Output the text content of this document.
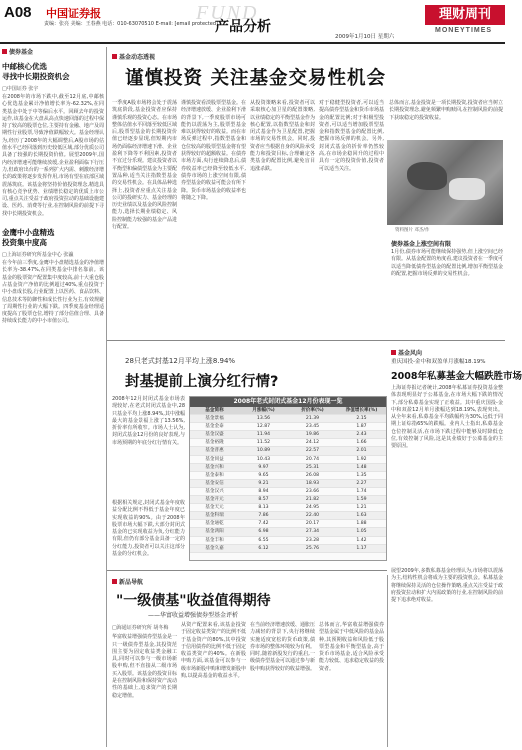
A08 中国证券报
责编：张亮 美编：王春燕 电话：010-63070510 E-mail: [email protected]
FUND
产品分析
2009年1月10日 星期六
理财周刊
MONEYTIMES
债券基金
中邮核心优选
寻找中长期投资机会
□中国证券 张宇
在2008年的市场下跌中,截至12月底,中邮核心优选基金累计净值增长率为-62.32%,在同类基金中处于中等偏后水平。回顾去年的投资运作,该基金在大盘从高点快速回落的过程中保持了较高的股票仓位,主要持有金融、地产及周期性行业股票,导致净值跌幅较大。基金经理认为,经历了2008年的大幅调整后,A股市场的估值水平已经回落到历史较低区域,部分优质公司具备了较强的长期投资价值。展望2009年,国内经济增速可能继续放缓,企业盈利面临下行压力,但政府出台的一系列扩大内需、刺激经济增长的政策将逐步发挥作用,市场有望在底部区域震荡筑底。该基金将坚持价值投资理念,精选具有核心竞争优势、业绩增长稳定的优质上市公司,重点关注受益于政府投资拉动的基础设施建设、医药、消费等行业,在控制风险的前提下寻找中长期投资机会。
金鹰中小盘精选
投资集中度高
□上海证券研究所基金中心 张瀛
在今年前三季度,金鹰中小盘精选基金的净值增长率为-38.47%,在同类基金中排名靠前。该基金的股票资产配置集中度较高,前十大重仓股占基金资产净值的比例超过40%,重点投资于中小盘成长股,行业配置上以医药、食品饮料、信息技术等防御性和成长性行业为主,有效规避了周期性行业的大幅下跌。四季度基金经理适度提高了股票仓位,增持了部分估值合理、具备持续成长能力的中小市值公司。
基金动态透视
谨慎投资 关注基金交易性机会
一季度A股市场将会处于震荡筑底阶段,基金投资者应保持谨慎乐观的投资心态。在市场整体估值水平回落至较低区域后,股票型基金的长期投资价值已经逐步显现,但短期内市场仍面临经济增速下滑、企业盈利下降等不利因素,投资者不宜过分乐观。建议投资者以平衡型和偏债型基金为主要配置品种,适当关注指数型基金的交易性机会。在具体品种选择上,投资者应重点关注基金公司的投研实力、基金经理的历史业绩以及基金的风险控制能力,选择长期业绩稳定、风险控制能力较强的基金产品进行配置。
谨慎投资看淡股票型基金。在经济增速放缓、企业盈利下滑的背景下,一季度股票市场可能仍以震荡为主,股票型基金难以获得较好的收益。而在市场反弹过程中,指数型基金和仓位较高的股票型基金将有望获得较好的超额收益。在债券市场方面,央行连续降息后,债券收益率已经降至较低水平,债券市场的上涨空间有限,债券型基金的收益可能会有所下降。货币市场基金的收益率也将随之下降。
从投资策略来看,投资者可以采取核心加卫星的配置策略,以业绩稳定的平衡型基金作为核心配置,以指数型基金和封闭式基金作为卫星配置,把握市场的交易性机会。同时,投资者应当根据自身的风险承受能力和投资目标,合理确定各类基金的配置比例,避免盲目追涨杀跌。
对于稳健型投资者,可以适当提高债券型基金和货币市场基金的配置比例;对于积极型投资者,可以适当增加股票型基金和指数型基金的配置比例,把握市场反弹的机会。另外,封闭式基金的折价率仍然较高,在市场企稳回升的过程中具有一定的投资价值,投资者可以适当关注。
总体而言,基金投资是一项长期投资,投资者应当树立长期投资理念,避免频繁申购赎回,在控制风险的前提下获取稳定的投资收益。
资料图片 邓杰/作
债券基金上涨空间有限
1月份,债券市场可能继续保持强势,但上涨空间已经有限。从基金配置的角度看,建议投资者在一季度可以适当降低债券型基金的配置比例,增加平衡型基金的配置,把握市场反弹的交易性机会。
28只老式封基12月平均上涨8.94%
封基提前上演分红行情?
基金风向
重庆国投-金中和双盈单月涨幅18.19%
2008年私募基金大幅跌胜市场
2008年12月封闭式基金市场表现较好,在老式封闭式基金中,28只基金平均上涨8.94%,其中涨幅最大的基金景福上涨了13.56%,折价率有所收窄。市场人士认为,封闭式基金12月份的良好表现,与市场预期的年底分红行情有关。
根据相关规定,封闭式基金年度收益分配比例不得低于基金年度已实现收益的90%。由于2008年股票市场大幅下跌,大部分封闭式基金的已实现收益为负,分红能力有限,但仍有部分基金具备一定的分红能力,投资者可以关注这部分基金的分红机会。
2008年老式封闭式基金12月份表现一览
基金简称	月涨幅(%)	折价率(%)	净值增长率(%)
基金景福	13.56	21.39	2.15
基金金泰	12.87	23.45	1.87
基金汉盛	11.94	19.86	2.43
基金裕隆	11.52	24.12	1.66
基金普惠	10.89	22.57	2.01
基金同益	10.43	20.74	1.92
基金兴和	9.97	25.31	1.48
基金泰和	9.65	26.08	1.35
基金安信	9.21	18.93	2.27
基金汉兴	8.94	23.66	1.74
基金开元	8.57	21.82	1.59
基金天元	8.13	24.95	1.21
基金科瑞	7.86	22.40	1.63
基金通乾	7.42	20.17	1.88
基金鸿阳	6.98	27.34	1.05
基金丰和	6.55	23.28	1.42
基金久嘉	6.12	25.76	1.17
上海证券报记者统计,2008年私募证券投资基金整体表现明显好于公募基金,在市场大幅下跌的情况下,部分私募基金实现了正收益。其中重庆国投-金中和双盈12月单月涨幅达到18.19%,表现突出。从全年来看,私募基金平均跌幅约为30%,远低于同期上证综指65%的跌幅。业内人士指出,私募基金仓位控制灵活,在市场下跌过程中能够及时降低仓位,有效控制了风险,这是其业绩好于公募基金的主要原因。
新品导航
"一级债基"收益值得期待
——华富收益增强债券型基金评析
□海通证券研究所 胡冬梅
华富收益增强债券型基金是一只一级债券型基金,其投资范围主要为固定收益类金融工具,同时可以参与一级市场新股申购,但不直接从二级市场买入股票。该基金的投资目标是在控制风险和保持资产流动性的基础上,追求资产的长期稳定增值。
从资产配置来看,该基金投资于固定收益类资产的比例不低于基金资产的80%,其中投资于信用债券的比例不低于固定收益类资产的40%。在新股申购方面,该基金可以参与一级市场新股申购和增发新股申购,以提高基金的收益水平。
在当前经济增速放缓、通胀压力减轻的背景下,央行将继续实施适度宽松的货币政策,债券市场的整体环境较为有利。同时,随着新股发行的重启,一级债券型基金可以通过参与新股申购获得较好的收益增强。
总体而言,华富收益增强债券型基金属于中低风险的基金品种,其预期收益和风险低于股票型基金和平衡型基金,高于货币市场基金,适合风险承受能力较低、追求稳定收益的投资者。
展望2009年,多数私募基金经理认为,市场将以震荡为主,结构性机会将成为主要的投资机会。私募基金将继续保持灵活的仓位操作策略,重点关注受益于政府投资拉动和扩大内需政策的行业,在控制风险的前提下追求绝对收益。
